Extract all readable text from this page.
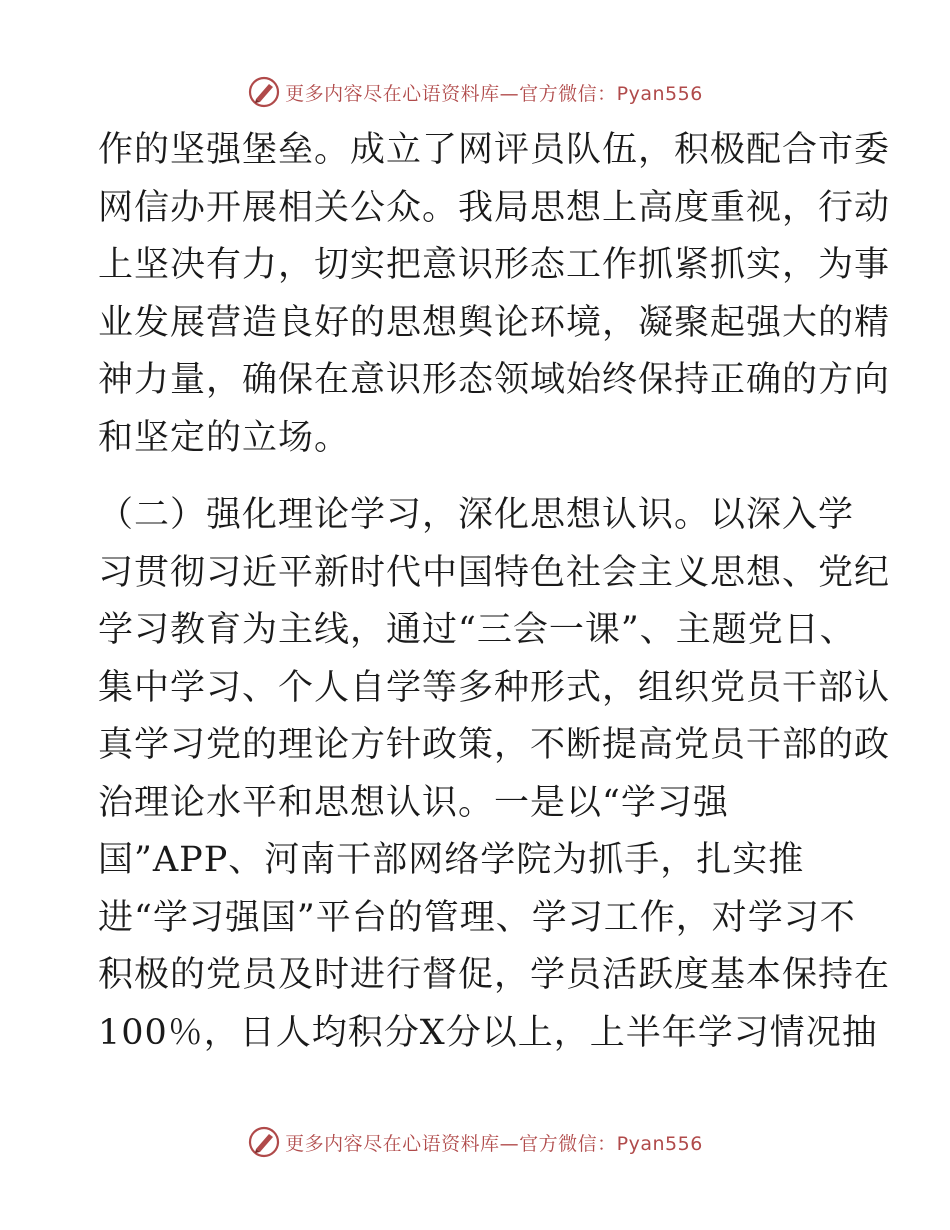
更多内容尽在心语资料库—官方微信：Pyan556
作的坚强堡垒。成立了网评员队伍，积极配合市委
网信办开展相关公众。我局思想上高度重视，行动
上坚决有力，切实把意识形态工作抓紧抓实，为事
业发展营造良好的思想舆论环境，凝聚起强大的精
神力量，确保在意识形态领域始终保持正确的方向
和坚定的立场。
（二）强化理论学习，深化思想认识。以深入学
习贯彻习近平新时代中国特色社会主义思想、党纪
学习教育为主线，通过“三会一课”、主题党日、
集中学习、个人自学等多种形式，组织党员干部认
真学习党的理论方针政策，不断提高党员干部的政
治理论水平和思想认识。一是以“学习强
国”APP、河南干部网络学院为抓手，扎实推
进“学习强国”平台的管理、学习工作，对学习不
积极的党员及时进行督促，学员活跃度基本保持在
100％，日人均积分X分以上，上半年学习情况抽
更多内容尽在心语资料库—官方微信：Pyan556
